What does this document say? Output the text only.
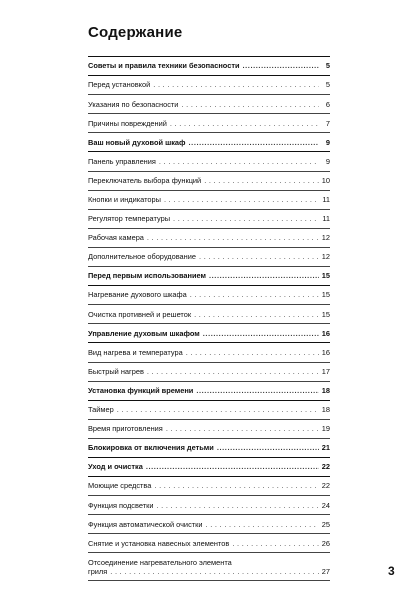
Содержание
Советы и правила техники безопасности .....	5
Перед установкой . . .	5
Указания по безопасности . . .	6
Причины повреждений . . .	7
Ваш новый духовой шкаф .....	9
Панель управления . . .	9
Переключатель выбора функций . . .	10
Кнопки и индикаторы . . .	11
Регулятор температуры . . .	11
Рабочая камера . . .	12
Дополнительное оборудование . . .	12
Перед первым использованием .....	15
Нагревание духового шкафа . . .	15
Очистка противней и решеток . . .	15
Управление духовым шкафом .....	16
Вид нагрева и температура . . .	16
Быстрый нагрев . . .	17
Установка функций времени .....	18
Таймер . . .	18
Время приготовления . . .	19
Блокировка от включения детьми .....	21
Уход и очистка .....	22
Моющие средства . . .	22
Функция подсветки . . .	24
Функция автоматической очистки . . .	25
Снятие и установка навесных элементов . . .	26
Отсоединение нагревательного элемента
гриля . . .	27	3
